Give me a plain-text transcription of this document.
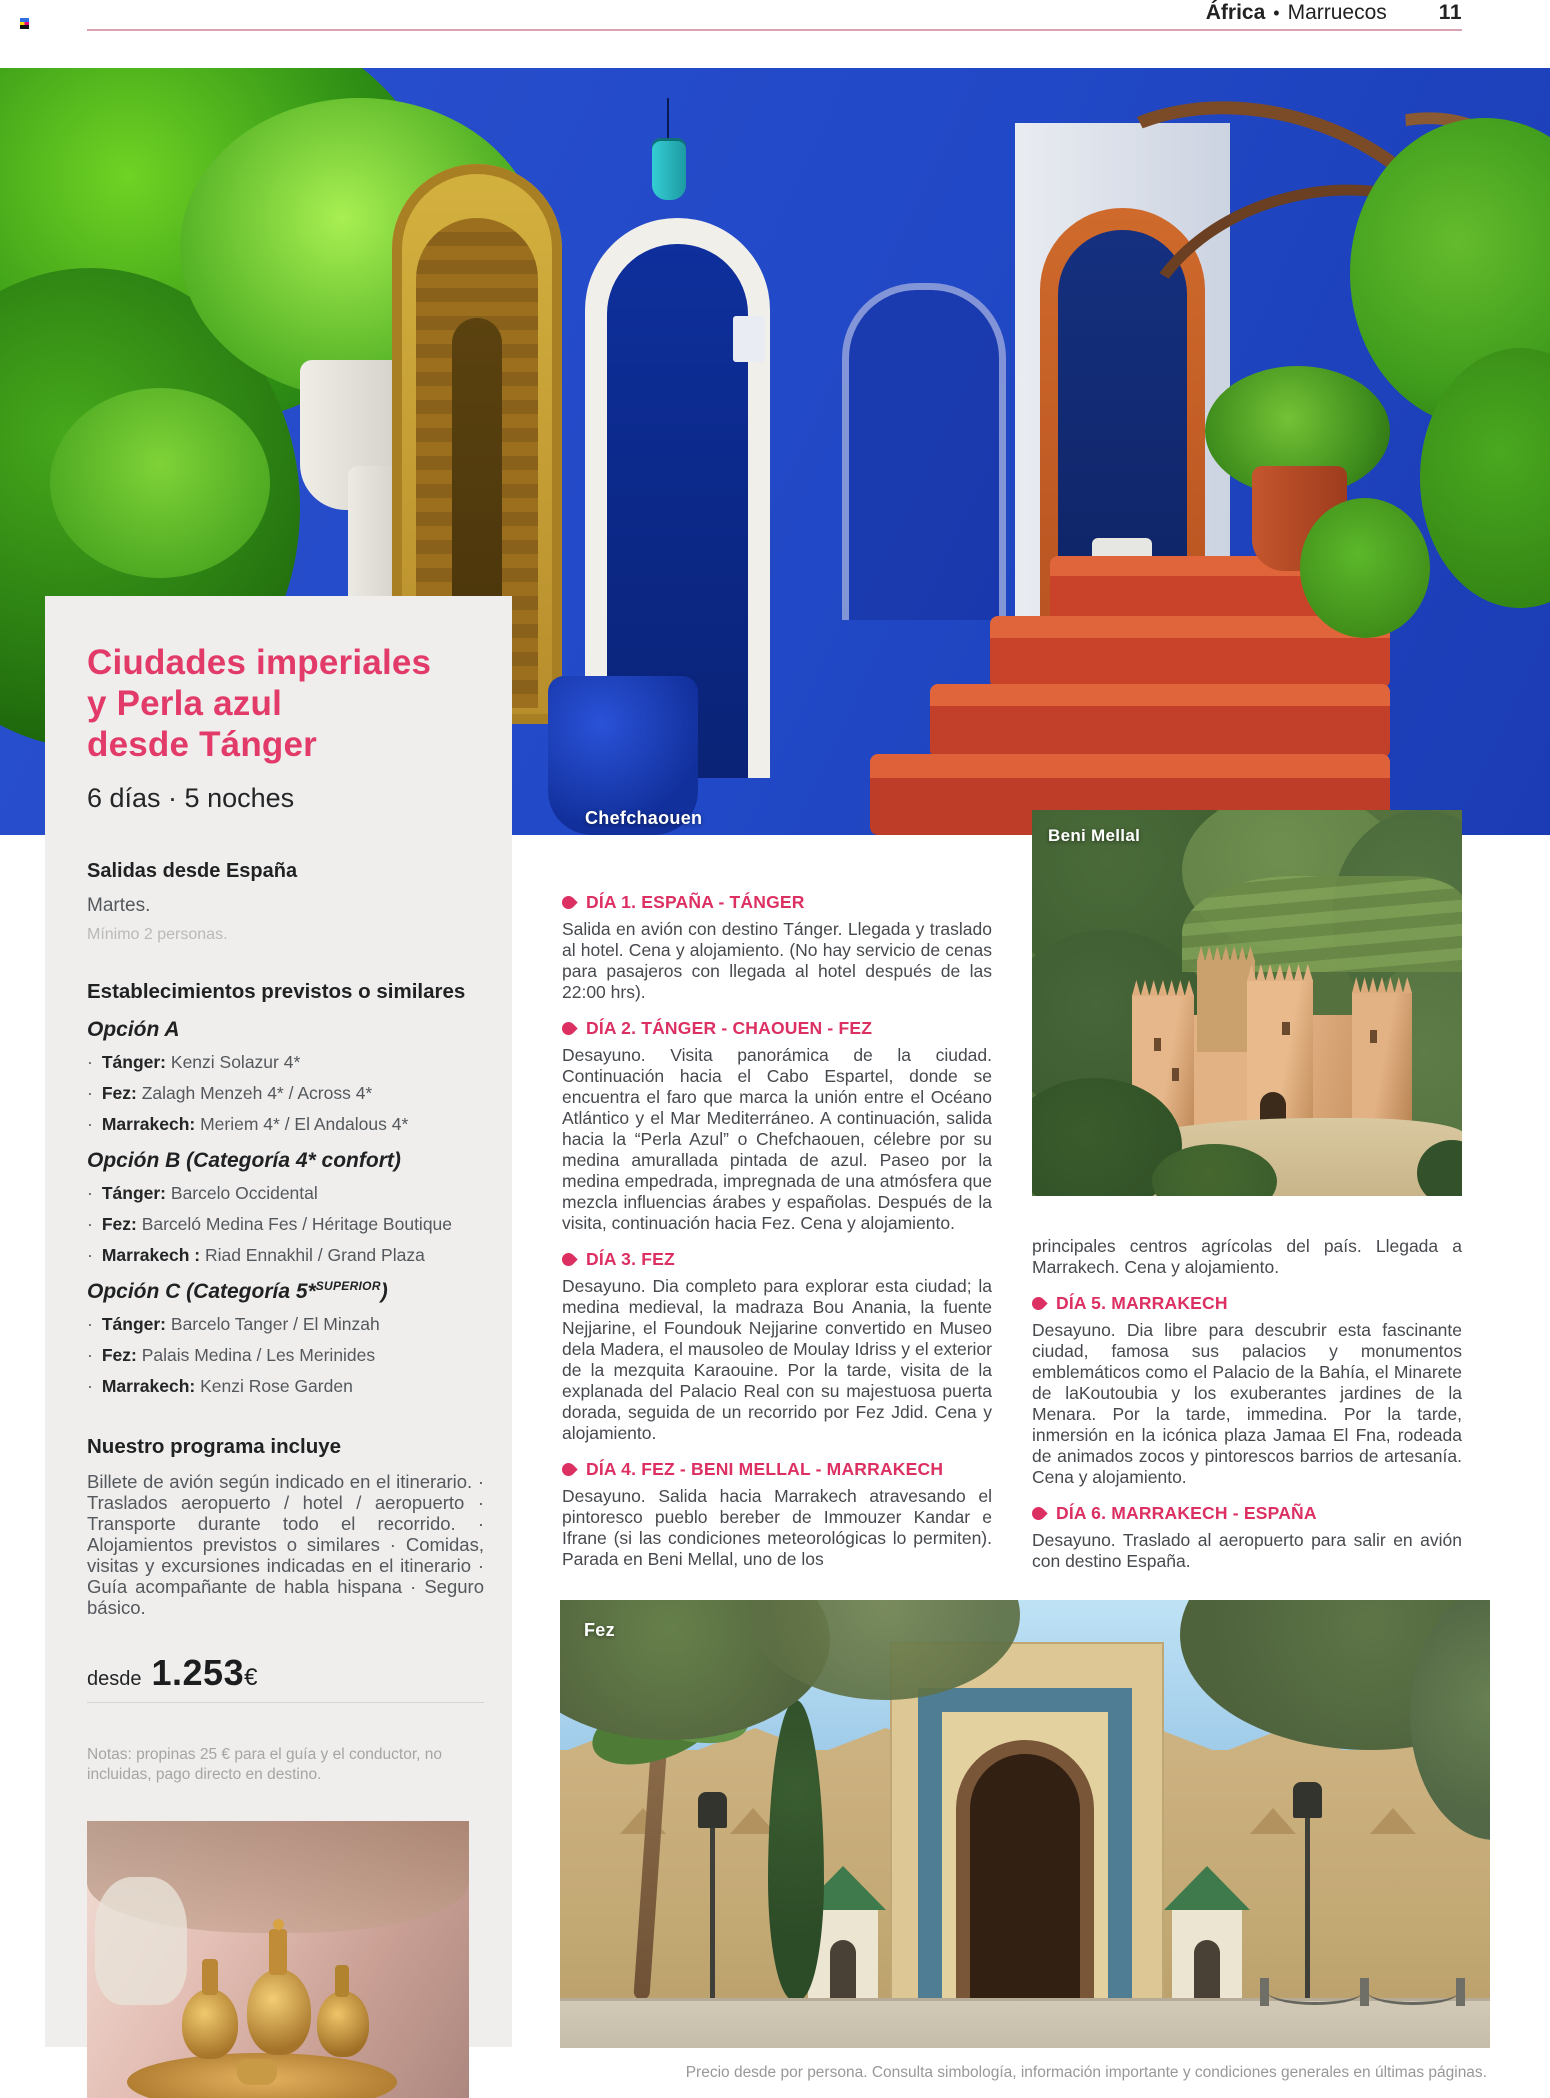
África • Marruecos 11
Chefchaouen
Ciudades imperiales
y Perla azul
desde Tánger
6 días · 5 noches
Salidas desde España
Martes.
Mínimo 2 personas.
Establecimientos previstos o similares
Opción A
· Tánger: Kenzi Solazur 4*
· Fez: Zalagh Menzeh 4* / Across 4*
· Marrakech: Meriem 4* / El Andalous 4*
Opción B (Categoría 4* confort)
· Tánger: Barcelo Occidental
· Fez: Barceló Medina Fes / Héritage Boutique
· Marrakech : Riad Ennakhil / Grand Plaza
Opción C (Categoría 5*$^{SUPERIOR}$)
· Tánger: Barcelo Tanger / El Minzah
· Fez: Palais Medina / Les Merinides
· Marrakech: Kenzi Rose Garden
Nuestro programa incluye

Billete de avión según indicado en el itinerario. · Traslados aeropuerto / hotel / aeropuerto · Transporte durante todo el recorrido. · Alojamientos previstos o similares · Comidas, visitas y excursiones indicadas en el itinerario · Guía acompañante de habla hispana · Seguro básico.

desde 1.253 €

Notas: propinas 25 € para el guía y el conductor, no incluidas, pago directo en destino.

DÍA 1. ESPAÑA - TÁNGER

Salida en avión con destino Tánger. Llegada y traslado al hotel. Cena y alojamiento. (No hay servicio de cenas para pasajeros con llegada al hotel después de las 22:00 hrs).

DÍA 2. TÁNGER - CHAOUEN - FEZ

Desayuno. Visita panorámica de la ciudad. Continuación hacia el Cabo Espartel, donde se encuentra el faro que marca la unión entre el Océano Atlántico y el Mar Mediterráneo. A continuación, salida hacia la “Perla Azul” o Chefchaouen, célebre por su medina amurallada pintada de azul. Paseo por la medina empedrada, impregnada de una atmósfera que mezcla influencias árabes y españolas. Después de la visita, continuación hacia Fez. Cena y alojamiento.

DÍA 3. FEZ

Desayuno. Dia completo para explorar esta ciudad; la medina medieval, la madraza Bou Anania, la fuente Nejjarine, el Foundouk Nejjarine convertido en Museo dela Madera, el mausoleo de Moulay Idriss y el exterior de la mezquita Karaouine. Por la tarde, visita de la explanada del Palacio Real con su majestuosa puerta dorada, seguida de un recorrido por Fez Jdid. Cena y alojamiento.

DÍA 4. FEZ - BENI MELLAL - MARRAKECH

Desayuno. Salida hacia Marrakech atravesando el pintoresco pueblo bereber de Immouzer Kandar e Ifrane (si las condiciones meteorológicas lo permiten). Parada en Beni Mellal, uno de los

Beni Mellal

principales centros agrícolas del país. Llegada a Marrakech. Cena y alojamiento.

DÍA 5. MARRAKECH

Desayuno. Dia libre para descubrir esta fascinante ciudad, famosa sus palacios y monumentos emblemáticos como el Palacio de la Bahía, el Minarete de laKoutoubia y los exuberantes jardines de la Menara. Por la tarde, immedina. Por la tarde, inmersión en la icónica plaza Jamaa El Fna, rodeada de animados zocos y pintorescos barrios de artesanía. Cena y alojamiento.

DÍA 6. MARRAKECH - ESPAÑA

Desayuno. Traslado al aeropuerto para salir en avión con destino España.

Fez
Precio desde por persona. Consulta simbología, información importante y condiciones generales en últimas páginas.
